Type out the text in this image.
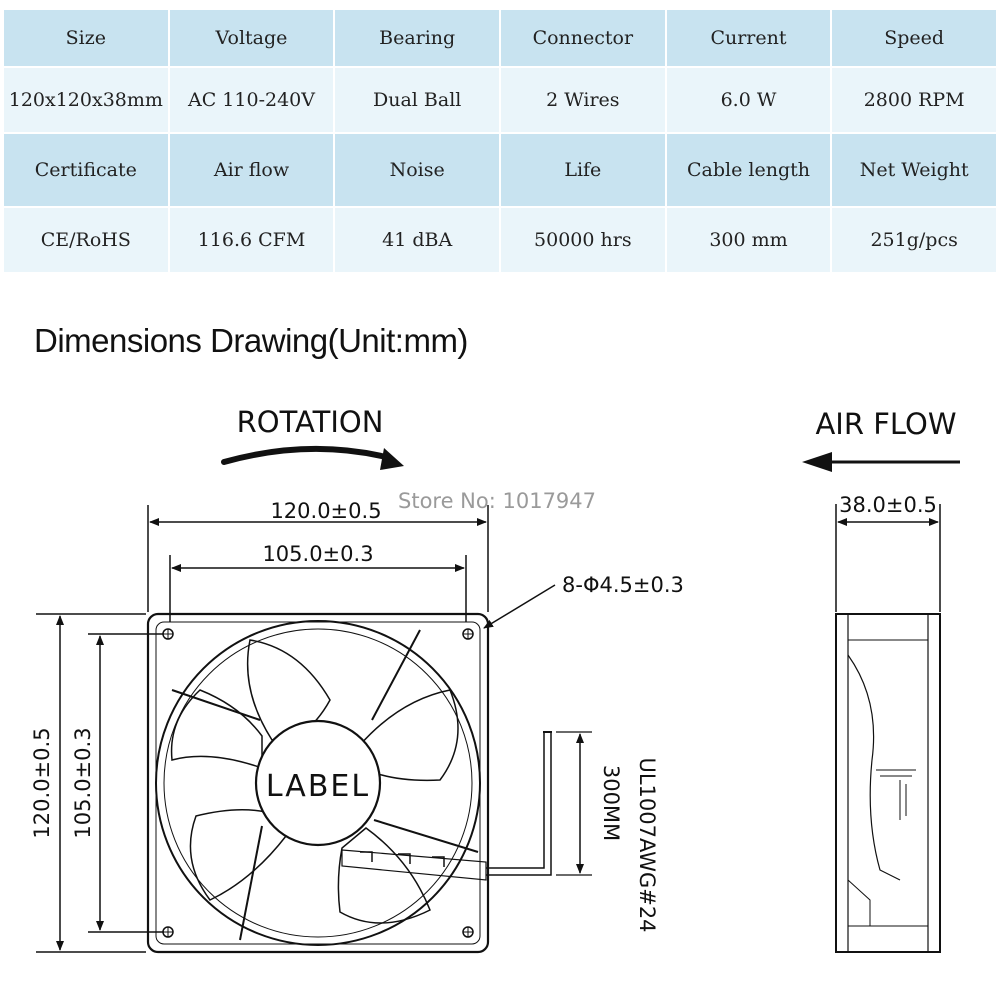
Size	Voltage	Bearing	Connector	Current	Speed
120x120x38mm	AC 110-240V	Dual Ball	2 Wires	6.0 W	2800 RPM
Certificate	Air flow	Noise	Life	Cable length	Net Weight
CE/RoHS	116.6 CFM	41 dBA	50000 hrs	300 mm	251g/pcs
Dimensions Drawing(Unit:mm)
ROTATION
Store No: 1017947
AIR FLOW
120.0±0.5
105.0±0.3
8-Φ4.5±0.3
120.0±0.5 105.0±0.3	LABEL	300MM UL1007AWG#24
38.0±0.5
